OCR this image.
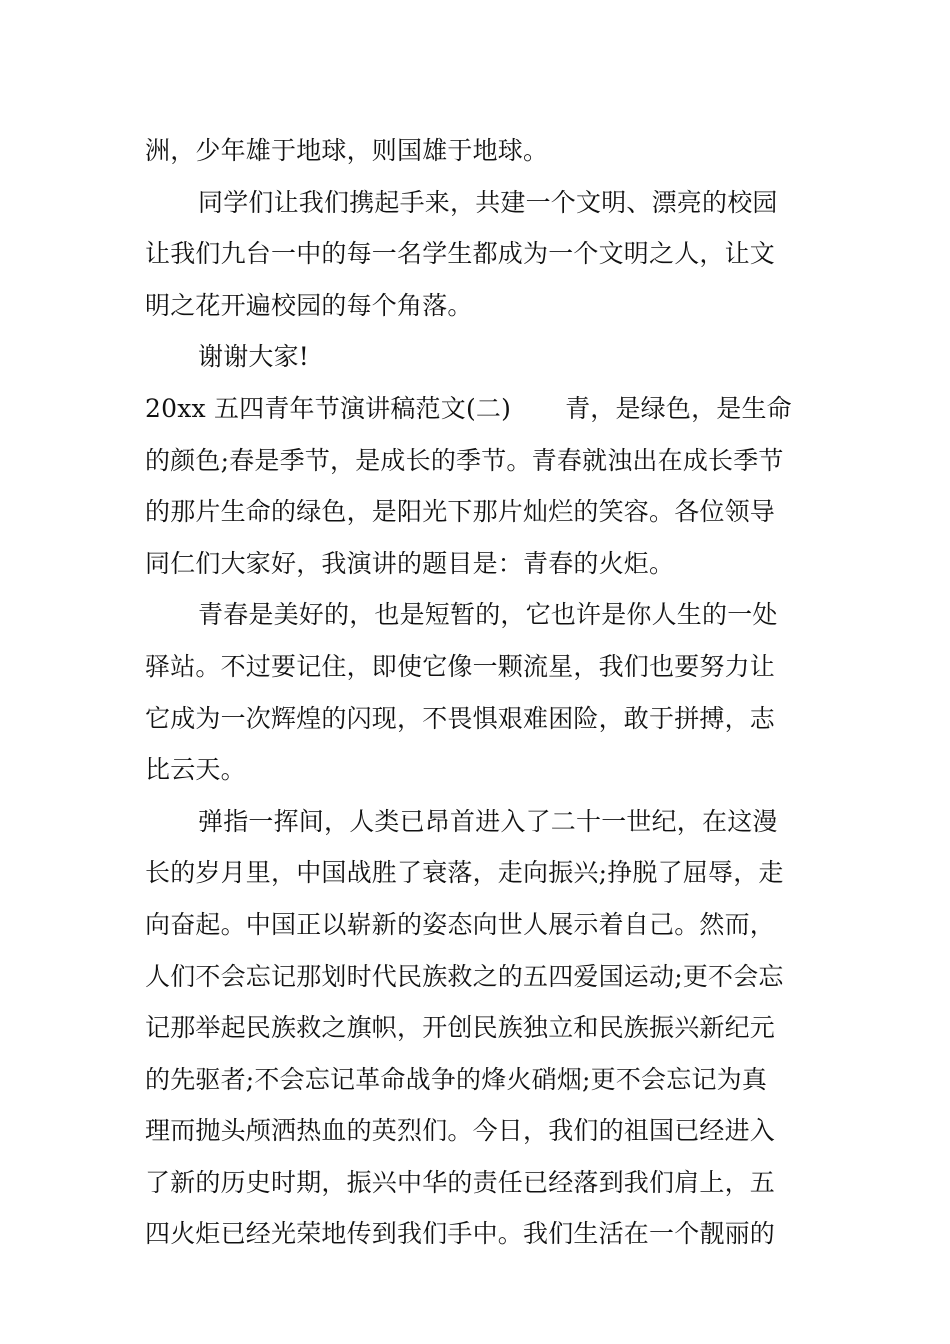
洲，少年雄于地球，则国雄于地球。
同学们让我们携起手来，共建一个文明、漂亮的校园
让我们九台一中的每一名学生都成为一个文明之人，让文
明之花开遍校园的每个角落。
谢谢大家!
20xx 五四青年节演讲稿范文(二) 青，是绿色，是生命
的颜色;春是季节，是成长的季节。青春就浊出在成长季节
的那片生命的绿色，是阳光下那片灿烂的笑容。各位领导
同仁们大家好，我演讲的题目是：青春的火炬。
青春是美好的，也是短暂的，它也许是你人生的一处
驿站。不过要记住，即使它像一颗流星，我们也要努力让
它成为一次辉煌的闪现，不畏惧艰难困险，敢于拼搏，志
比云天。
弹指一挥间，人类已昂首进入了二十一世纪，在这漫
长的岁月里，中国战胜了衰落，走向振兴;挣脱了屈辱，走
向奋起。中国正以崭新的姿态向世人展示着自己。然而，
人们不会忘记那划时代民族救之的五四爱国运动;更不会忘
记那举起民族救之旗帜，开创民族独立和民族振兴新纪元
的先驱者;不会忘记革命战争的烽火硝烟;更不会忘记为真
理而抛头颅洒热血的英烈们。今日，我们的祖国已经进入
了新的历史时期，振兴中华的责任已经落到我们肩上，五
四火炬已经光荣地传到我们手中。我们生活在一个靓丽的
